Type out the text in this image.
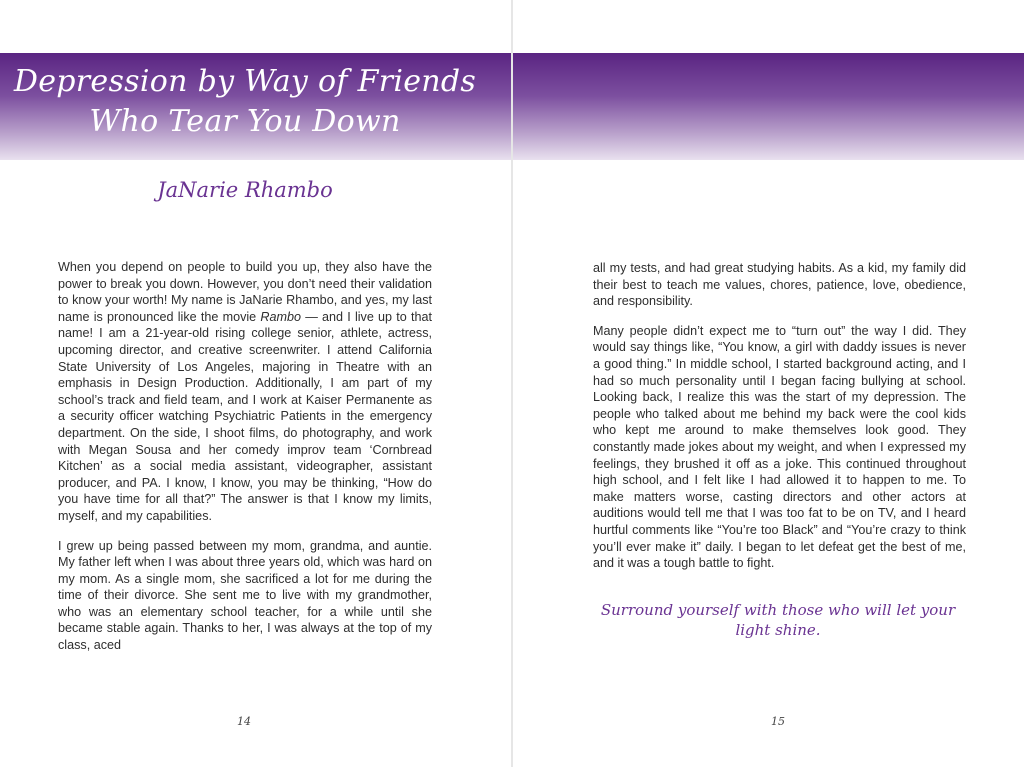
Depression by Way of Friends
Who Tear You Down
JaNarie Rhambo

When you depend on people to build you up, they also have the power to break you down. However, you don’t need their validation to know your worth! My name is JaNarie Rhambo, and yes, my last name is pronounced like the movie Rambo — and I live up to that name! I am a 21-year-old rising college senior, athlete, actress, upcoming director, and creative screenwriter. I attend California State University of Los Angeles, majoring in Theatre with an emphasis in Design Production. Additionally, I am part of my school’s track and field team, and I work at Kaiser Permanente as a security officer watching Psychiatric Patients in the emergency department. On the side, I shoot films, do photography, and work with Megan Sousa and her comedy improv team ‘Cornbread Kitchen’ as a social media assistant, videographer, assistant producer, and PA. I know, I know, you may be thinking, “How do you have time for all that?” The answer is that I know my limits, myself, and my capabilities.

I grew up being passed between my mom, grandma, and auntie. My father left when I was about three years old, which was hard on my mom. As a single mom, she sacrificed a lot for me during the time of their divorce. She sent me to live with my grandmother, who was an elementary school teacher, for a while until she became stable again. Thanks to her, I was always at the top of my class, aced

14

all my tests, and had great studying habits. As a kid, my family did their best to teach me values, chores, patience, love, obedience, and responsibility.

Many people didn’t expect me to “turn out” the way I did. They would say things like, “You know, a girl with daddy issues is never a good thing.” In middle school, I started background acting, and I had so much personality until I began facing bullying at school. Looking back, I realize this was the start of my depression. The people who talked about me behind my back were the cool kids who kept me around to make themselves look good. They constantly made jokes about my weight, and when I expressed my feelings, they brushed it off as a joke. This continued throughout high school, and I felt like I had allowed it to happen to me. To make matters worse, casting directors and other actors at auditions would tell me that I was too fat to be on TV, and I heard hurtful comments like “You’re too Black” and “You’re crazy to think you’ll ever make it” daily. I began to let defeat get the best of me, and it was a tough battle to fight.

Surround yourself with those who will let your light shine.
15
